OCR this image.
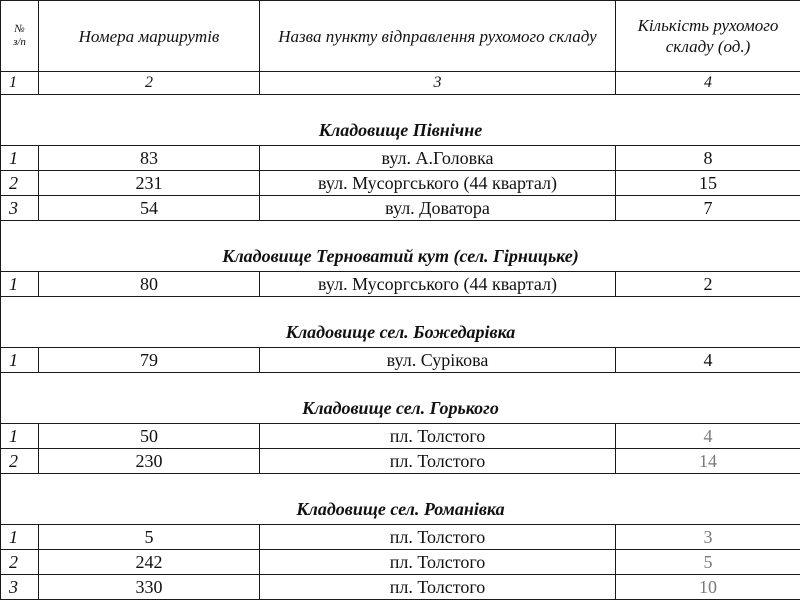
№
з/п	Номера маршрутів	Назва пункту відправлення рухомого складу	Кількість рухомого складу (од.)
1	2	3	4
Кладовище Північне			
1	83	вул. А.Головка	8
2	231	вул. Мусоргського (44 квартал)	15
3	54	вул. Доватора	7
Кладовище Терноватий кут (сел. Гірницьке)			
1	80	вул. Мусоргського (44 квартал)	2
Кладовище сел. Божедарівка			
1	79	вул. Сурікова	4
Кладовище сел. Горького			
1	50	пл. Толстого	4
2	230	пл. Толстого	14
Кладовище сел. Романівка			
1	5	пл. Толстого	3
2	242	пл. Толстого	5
3	330	пл. Толстого	10
